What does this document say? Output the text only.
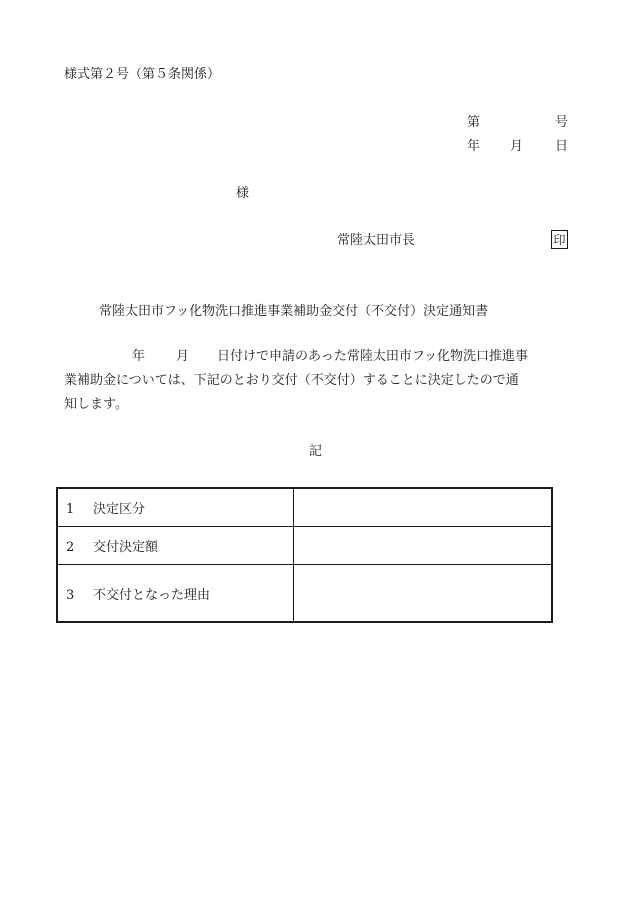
様式第２号（第５条関係）
第	号
年 月 日
様
常陸太田市長	印
常陸太田市フッ化物洗口推進事業補助金交付（不交付）決定通知書
年 月 日付けで申請のあった常陸太田市フッ化物洗口推進事
業補助金については、下記のとおり交付（不交付）することに決定したので通
知します。
記
1 決定区分	
2 交付決定額	
3 不交付となった理由	
